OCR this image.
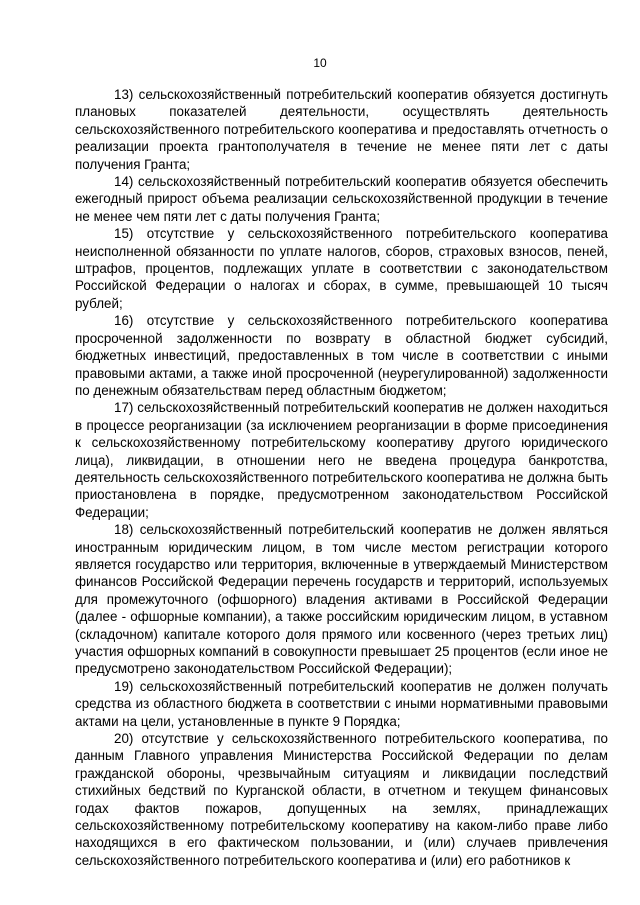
10

13) сельскохозяйственный потребительский кооператив обязуется достигнуть плановых показателей деятельности, осуществлять деятельность сельскохозяйственного потребительского кооператива и предоставлять отчетность о реализации проекта грантополучателя в течение не менее пяти лет с даты получения Гранта;

14) сельскохозяйственный потребительский кооператив обязуется обеспечить ежегодный прирост объема реализации сельскохозяйственной продукции в течение не менее чем пяти лет с даты получения Гранта;

15) отсутствие у сельскохозяйственного потребительского кооператива неисполненной обязанности по уплате налогов, сборов, страховых взносов, пеней, штрафов, процентов, подлежащих уплате в соответствии с законодательством Российской Федерации о налогах и сборах, в сумме, превышающей 10 тысяч рублей;

16) отсутствие у сельскохозяйственного потребительского кооператива просроченной задолженности по возврату в областной бюджет субсидий, бюджетных инвестиций, предоставленных в том числе в соответствии с иными правовыми актами, а также иной просроченной (неурегулированной) задолженности по денежным обязательствам перед областным бюджетом;

17) сельскохозяйственный потребительский кооператив не должен находиться в процессе реорганизации (за исключением реорганизации в форме присоединения к сельскохозяйственному потребительскому кооперативу другого юридического лица), ликвидации, в отношении него не введена процедура банкротства, деятельность сельскохозяйственного потребительского кооператива не должна быть приостановлена в порядке, предусмотренном законодательством Российской Федерации;

18) сельскохозяйственный потребительский кооператив не должен являться иностранным юридическим лицом, в том числе местом регистрации которого является государство или территория, включенные в утверждаемый Министерством финансов Российской Федерации перечень государств и территорий, используемых для промежуточного (офшорного) владения активами в Российской Федерации (далее - офшорные компании), а также российским юридическим лицом, в уставном (складочном) капитале которого доля прямого или косвенного (через третьих лиц) участия офшорных компаний в совокупности превышает 25 процентов (если иное не предусмотрено законодательством Российской Федерации);

19) сельскохозяйственный потребительский кооператив не должен получать средства из областного бюджета в соответствии с иными нормативными правовыми актами на цели, установленные в пункте 9 Порядка;

20) отсутствие у сельскохозяйственного потребительского кооператива, по данным Главного управления Министерства Российской Федерации по делам гражданской обороны, чрезвычайным ситуациям и ликвидации последствий стихийных бедствий по Курганской области, в отчетном и текущем финансовых годах фактов пожаров, допущенных на землях, принадлежащих сельскохозяйственному потребительскому кооперативу на каком-либо праве либо находящихся в его фактическом пользовании, и (или) случаев привлечения сельскохозяйственного потребительского кооператива и (или) его работников к
